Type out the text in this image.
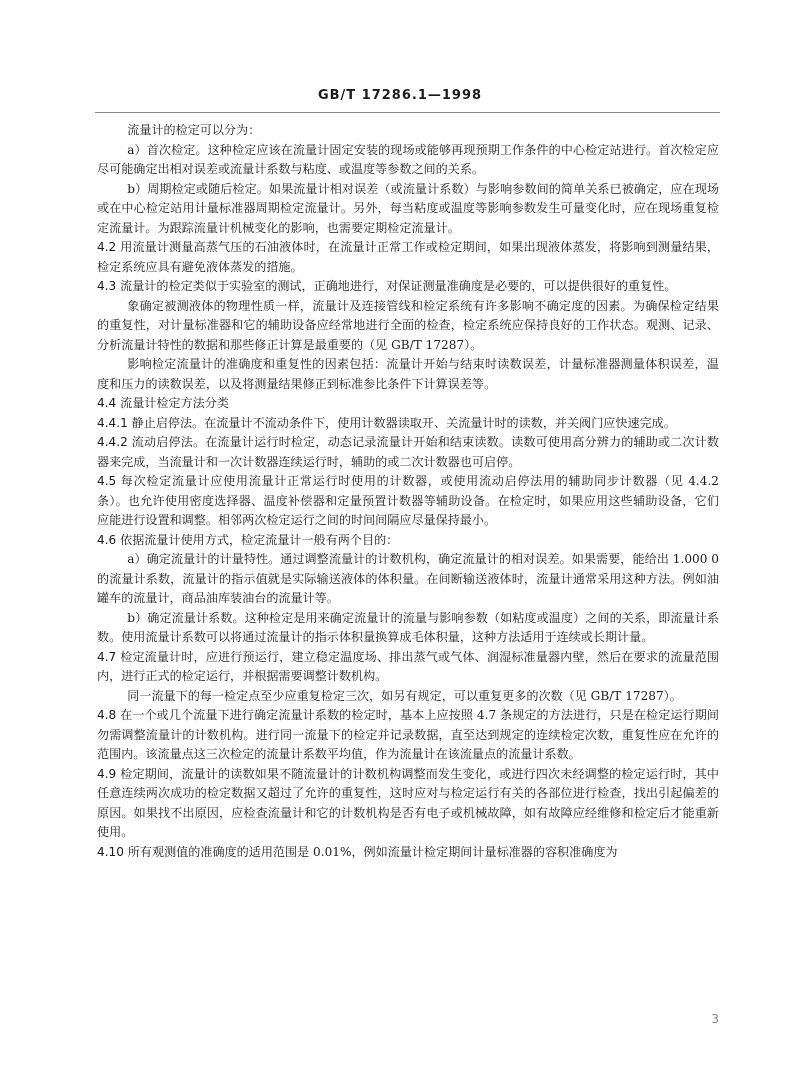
GB/T 17286.1—1998

流量计的检定可以分为：

a）首次检定。这种检定应该在流量计固定安装的现场或能够再现预期工作条件的中心检定站进行。首次检定应尽可能确定出相对误差或流量计系数与粘度、或温度等参数之间的关系。

b）周期检定或随后检定。如果流量计相对误差（或流量计系数）与影响参数间的简单关系已被确定，应在现场或在中心检定站用计量标准器周期检定流量计。另外，每当粘度或温度等影响参数发生可量变化时，应在现场重复检定流量计。为跟踪流量计机械变化的影响，也需要定期检定流量计。

4.2 用流量计测量高蒸气压的石油液体时，在流量计正常工作或检定期间，如果出现液体蒸发，将影响到测量结果，检定系统应具有避免液体蒸发的措施。

4.3 流量计的检定类似于实验室的测试，正确地进行，对保证测量准确度是必要的，可以提供很好的重复性。

象确定被测液体的物理性质一样，流量计及连接管线和检定系统有许多影响不确定度的因素。为确保检定结果的重复性，对计量标准器和它的辅助设备应经常地进行全面的检查，检定系统应保持良好的工作状态。观测、记录、分析流量计特性的数据和那些修正计算是最重要的（见 GB/T 17287）。

影响检定流量计的准确度和重复性的因素包括：流量计开始与结束时读数误差，计量标准器测量体积误差，温度和压力的读数误差，以及将测量结果修正到标准参比条件下计算误差等。

4.4 流量计检定方法分类

4.4.1 静止启停法。在流量计不流动条件下，使用计数器读取开、关流量计时的读数，并关阀门应快速完成。

4.4.2 流动启停法。在流量计运行时检定，动态记录流量计开始和结束读数。读数可使用高分辨力的辅助或二次计数器来完成，当流量计和一次计数器连续运行时，辅助的或二次计数器也可启停。

4.5 每次检定流量计应使用流量计正常运行时使用的计数器，或使用流动启停法用的辅助同步计数器（见 4.4.2 条）。也允许使用密度选择器、温度补偿器和定量预置计数器等辅助设备。在检定时，如果应用这些辅助设备，它们应能进行设置和调整。相邻两次检定运行之间的时间间隔应尽量保持最小。

4.6 依据流量计使用方式，检定流量计一般有两个目的：

a）确定流量计的计量特性。通过调整流量计的计数机构，确定流量计的相对误差。如果需要，能给出 1.000 0 的流量计系数，流量计的指示值就是实际输送液体的体积量。在间断输送液体时，流量计通常采用这种方法。例如油罐车的流量计，商品油库装油台的流量计等。

b）确定流量计系数。这种检定是用来确定流量计的流量与影响参数（如粘度或温度）之间的关系，即流量计系数。使用流量计系数可以将通过流量计的指示体积量换算成毛体积量，这种方法适用于连续或长期计量。

4.7 检定流量计时，应进行预运行，建立稳定温度场、排出蒸气或气体、润湿标准量器内壁，然后在要求的流量范围内，进行正式的检定运行，并根据需要调整计数机构。

同一流量下的每一检定点至少应重复检定三次，如另有规定，可以重复更多的次数（见 GB/T 17287）。

4.8 在一个或几个流量下进行确定流量计系数的检定时，基本上应按照 4.7 条规定的方法进行，只是在检定运行期间勿需调整流量计的计数机构。进行同一流量下的检定并记录数据，直至达到规定的连续检定次数，重复性应在允许的范围内。该流量点这三次检定的流量计系数平均值，作为流量计在该流量点的流量计系数。

4.9 检定期间，流量计的读数如果不随流量计的计数机构调整而发生变化，或进行四次未经调整的检定运行时，其中任意连续两次成功的检定数据又超过了允许的重复性，这时应对与检定运行有关的各部位进行检查，找出引起偏差的原因。如果找不出原因，应检查流量计和它的计数机构是否有电子或机械故障，如有故障应经维修和检定后才能重新使用。

4.10 所有观测值的准确度的适用范围是 0.01%，例如流量计检定期间计量标准器的容积准确度为

3
